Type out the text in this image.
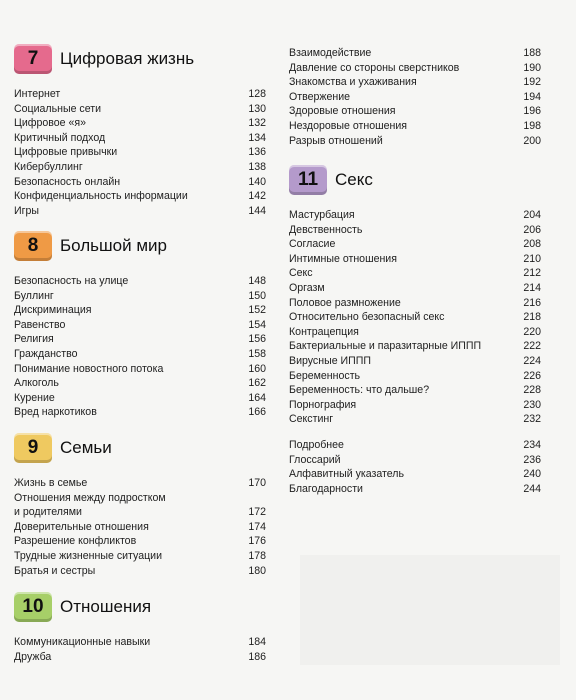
7	Цифровая жизнь
Интернет	128
Социальные сети	130
Цифровое «я»	132
Критичный подход	134
Цифровые привычки	136
Кибербуллинг	138
Безопасность онлайн	140
Конфиденциальность информации	142
Игры	144
8	Большой мир
Безопасность на улице	148
Буллинг	150
Дискриминация	152
Равенство	154
Религия	156
Гражданство	158
Понимание новостного потока	160
Алкоголь	162
Курение	164
Вред наркотиков	166
9	Семьи
Жизнь в семье	170
Отношения между подростком
и родителями	172
Доверительные отношения	174
Разрешение конфликтов	176
Трудные жизненные ситуации	178
Братья и сестры	180
10 Отношения
Коммуникационные навыки	184
Дружба	186
Взаимодействие	188
Давление со стороны сверстников	190
Знакомства и ухаживания	192
Отвержение	194
Здоровые отношения	196
Нездоровые отношения	198
Разрыв отношений	200
11 Секс
Мастурбация	204
Девственность	206
Согласие	208
Интимные отношения	210
Секс	212
Оргазм	214
Половое размножение	216
Относительно безопасный секс	218
Контрацепция	220
Бактериальные и паразитарные ИППП	222
Вирусные ИППП	224
Беременность	226
Беременность: что дальше?	228
Порнография	230
Секстинг	232
Подробнее	234
Глоссарий	236
Алфавитный указатель	240
Благодарности	244
